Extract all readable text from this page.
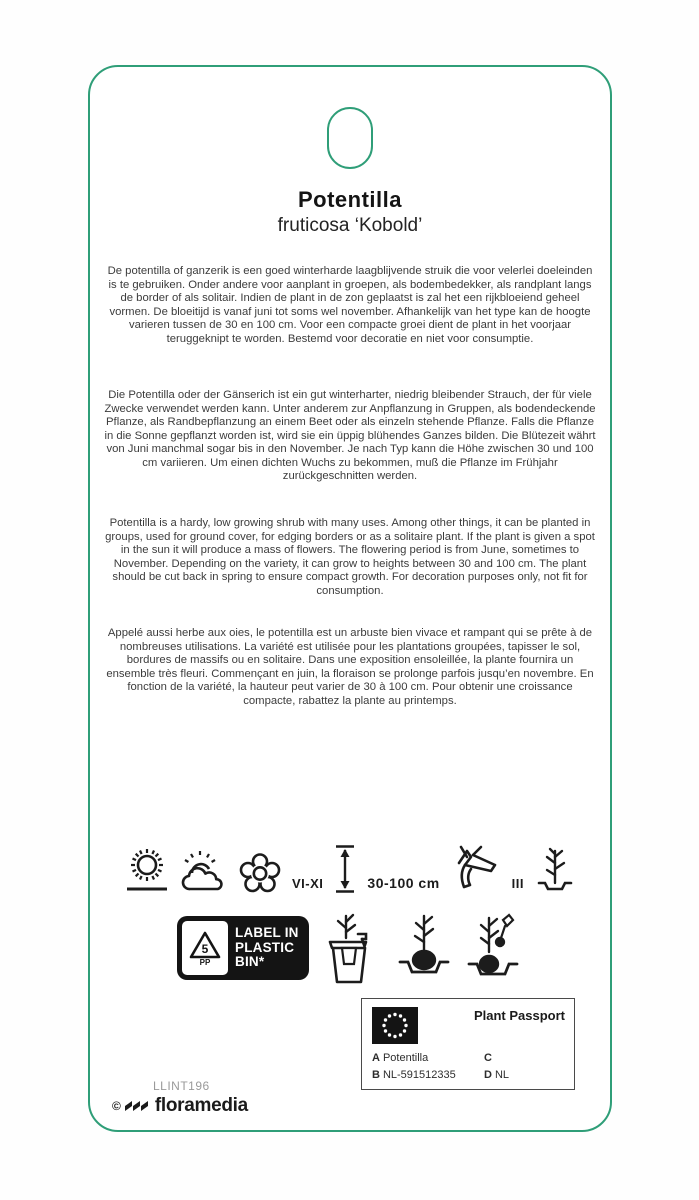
Potentilla
fruticosa ‘Kobold’

De potentilla of ganzerik is een goed winterharde laagblijvende struik die voor velerlei doeleinden is te gebruiken. Onder andere voor aanplant in groepen, als bodembedekker, als randplant langs de border of als solitair. Indien de plant in de zon geplaatst is zal het een rijkbloeiend geheel vormen. De bloeitijd is vanaf juni tot soms wel november. Afhankelijk van het type kan de hoogte varieren tussen de 30 en 100 cm. Voor een compacte groei dient de plant in het voorjaar teruggeknipt te worden. Bestemd voor decoratie en niet voor consumptie.

Die Potentilla oder der Gänserich ist ein gut winterharter, niedrig bleibender Strauch, der für viele Zwecke verwendet werden kann. Unter anderem zur Anpflanzung in Gruppen, als bodendeckende Pflanze, als Randbepflanzung an einem Beet oder als einzeln stehende Pflanze. Falls die Pflanze in die Sonne gepflanzt worden ist, wird sie ein üppig blühendes Ganzes bilden. Die Blütezeit währt von Juni manchmal sogar bis in den November. Je nach Typ kann die Höhe zwischen 30 und 100 cm variieren. Um einen dichten Wuchs zu bekommen, muß die Pflanze im Frühjahr zurückgeschnitten werden.

Potentilla is a hardy, low growing shrub with many uses. Among other things, it can be planted in groups, used for ground cover, for edging borders or as a solitaire plant. If the plant is given a spot in the sun it will produce a mass of flowers. The flowering period is from June, sometimes to November. Depending on the variety, it can grow to heights between 30 and 100 cm. The plant should be cut back in spring to ensure compact growth. For decoration purposes only, not fit for consumption.

Appelé aussi herbe aux oies, le potentilla est un arbuste bien vivace et rampant qui se prête à de nombreuses utilisations. La variété est utilisée pour les plantations groupées, tapisser le sol, bordures de massifs ou en solitaire. Dans une exposition ensoleillée, la plante fournira un ensemble très fleuri. Commençant en juin, la floraison se prolonge parfois jusqu’en novembre. En fonction de la variété, la hauteur peut varier de 30 à 100 cm. Pour obtenir une croissance compacte, rabattez la plante au printemps.

VI-XI	30-100 cm	III
5
PP
LABEL IN
PLASTIC
BIN*
Plant Passport
A Potentilla
B NL-591512335
C
D NL
LLINT196
© floramedia
